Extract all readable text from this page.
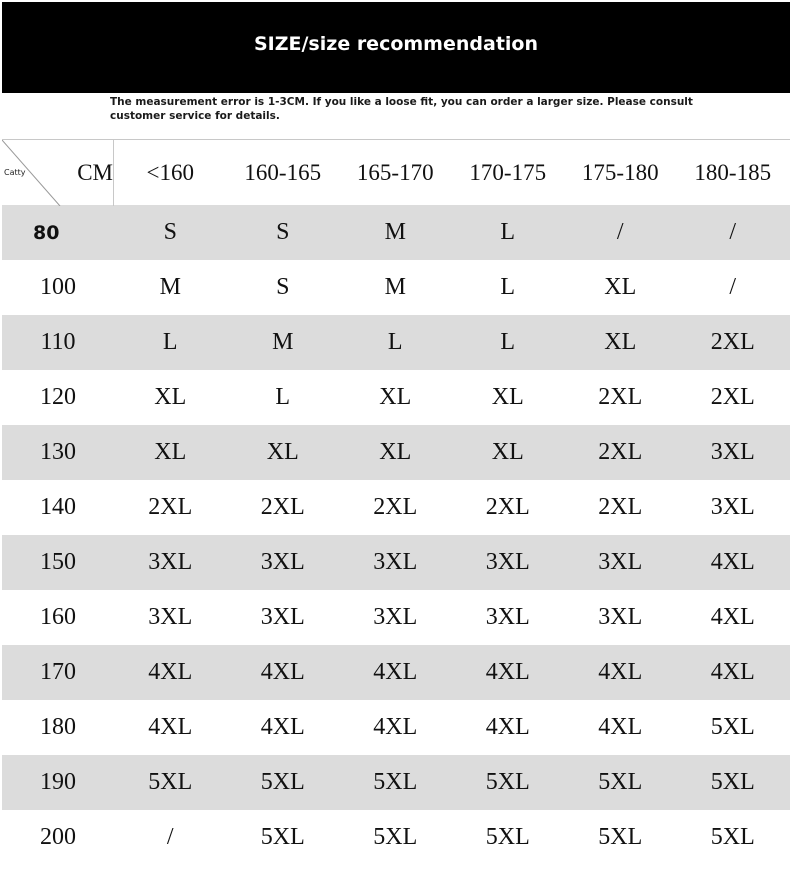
SIZE/size recommendation
The measurement error is 1-3CM. If you like a loose fit, you can order a larger size. Please consult customer service for details.
Catty CM	<160	160-165	165-170	170-175	175-180	180-185
80	S	S	M	L	/	/
100	M	S	M	L	XL	/
110	L	M	L	L	XL	2XL
120	XL	L	XL	XL	2XL	2XL
130	XL	XL	XL	XL	2XL	3XL
140	2XL	2XL	2XL	2XL	2XL	3XL
150	3XL	3XL	3XL	3XL	3XL	4XL
160	3XL	3XL	3XL	3XL	3XL	4XL
170	4XL	4XL	4XL	4XL	4XL	4XL
180	4XL	4XL	4XL	4XL	4XL	5XL
190	5XL	5XL	5XL	5XL	5XL	5XL
200	/	5XL	5XL	5XL	5XL	5XL
